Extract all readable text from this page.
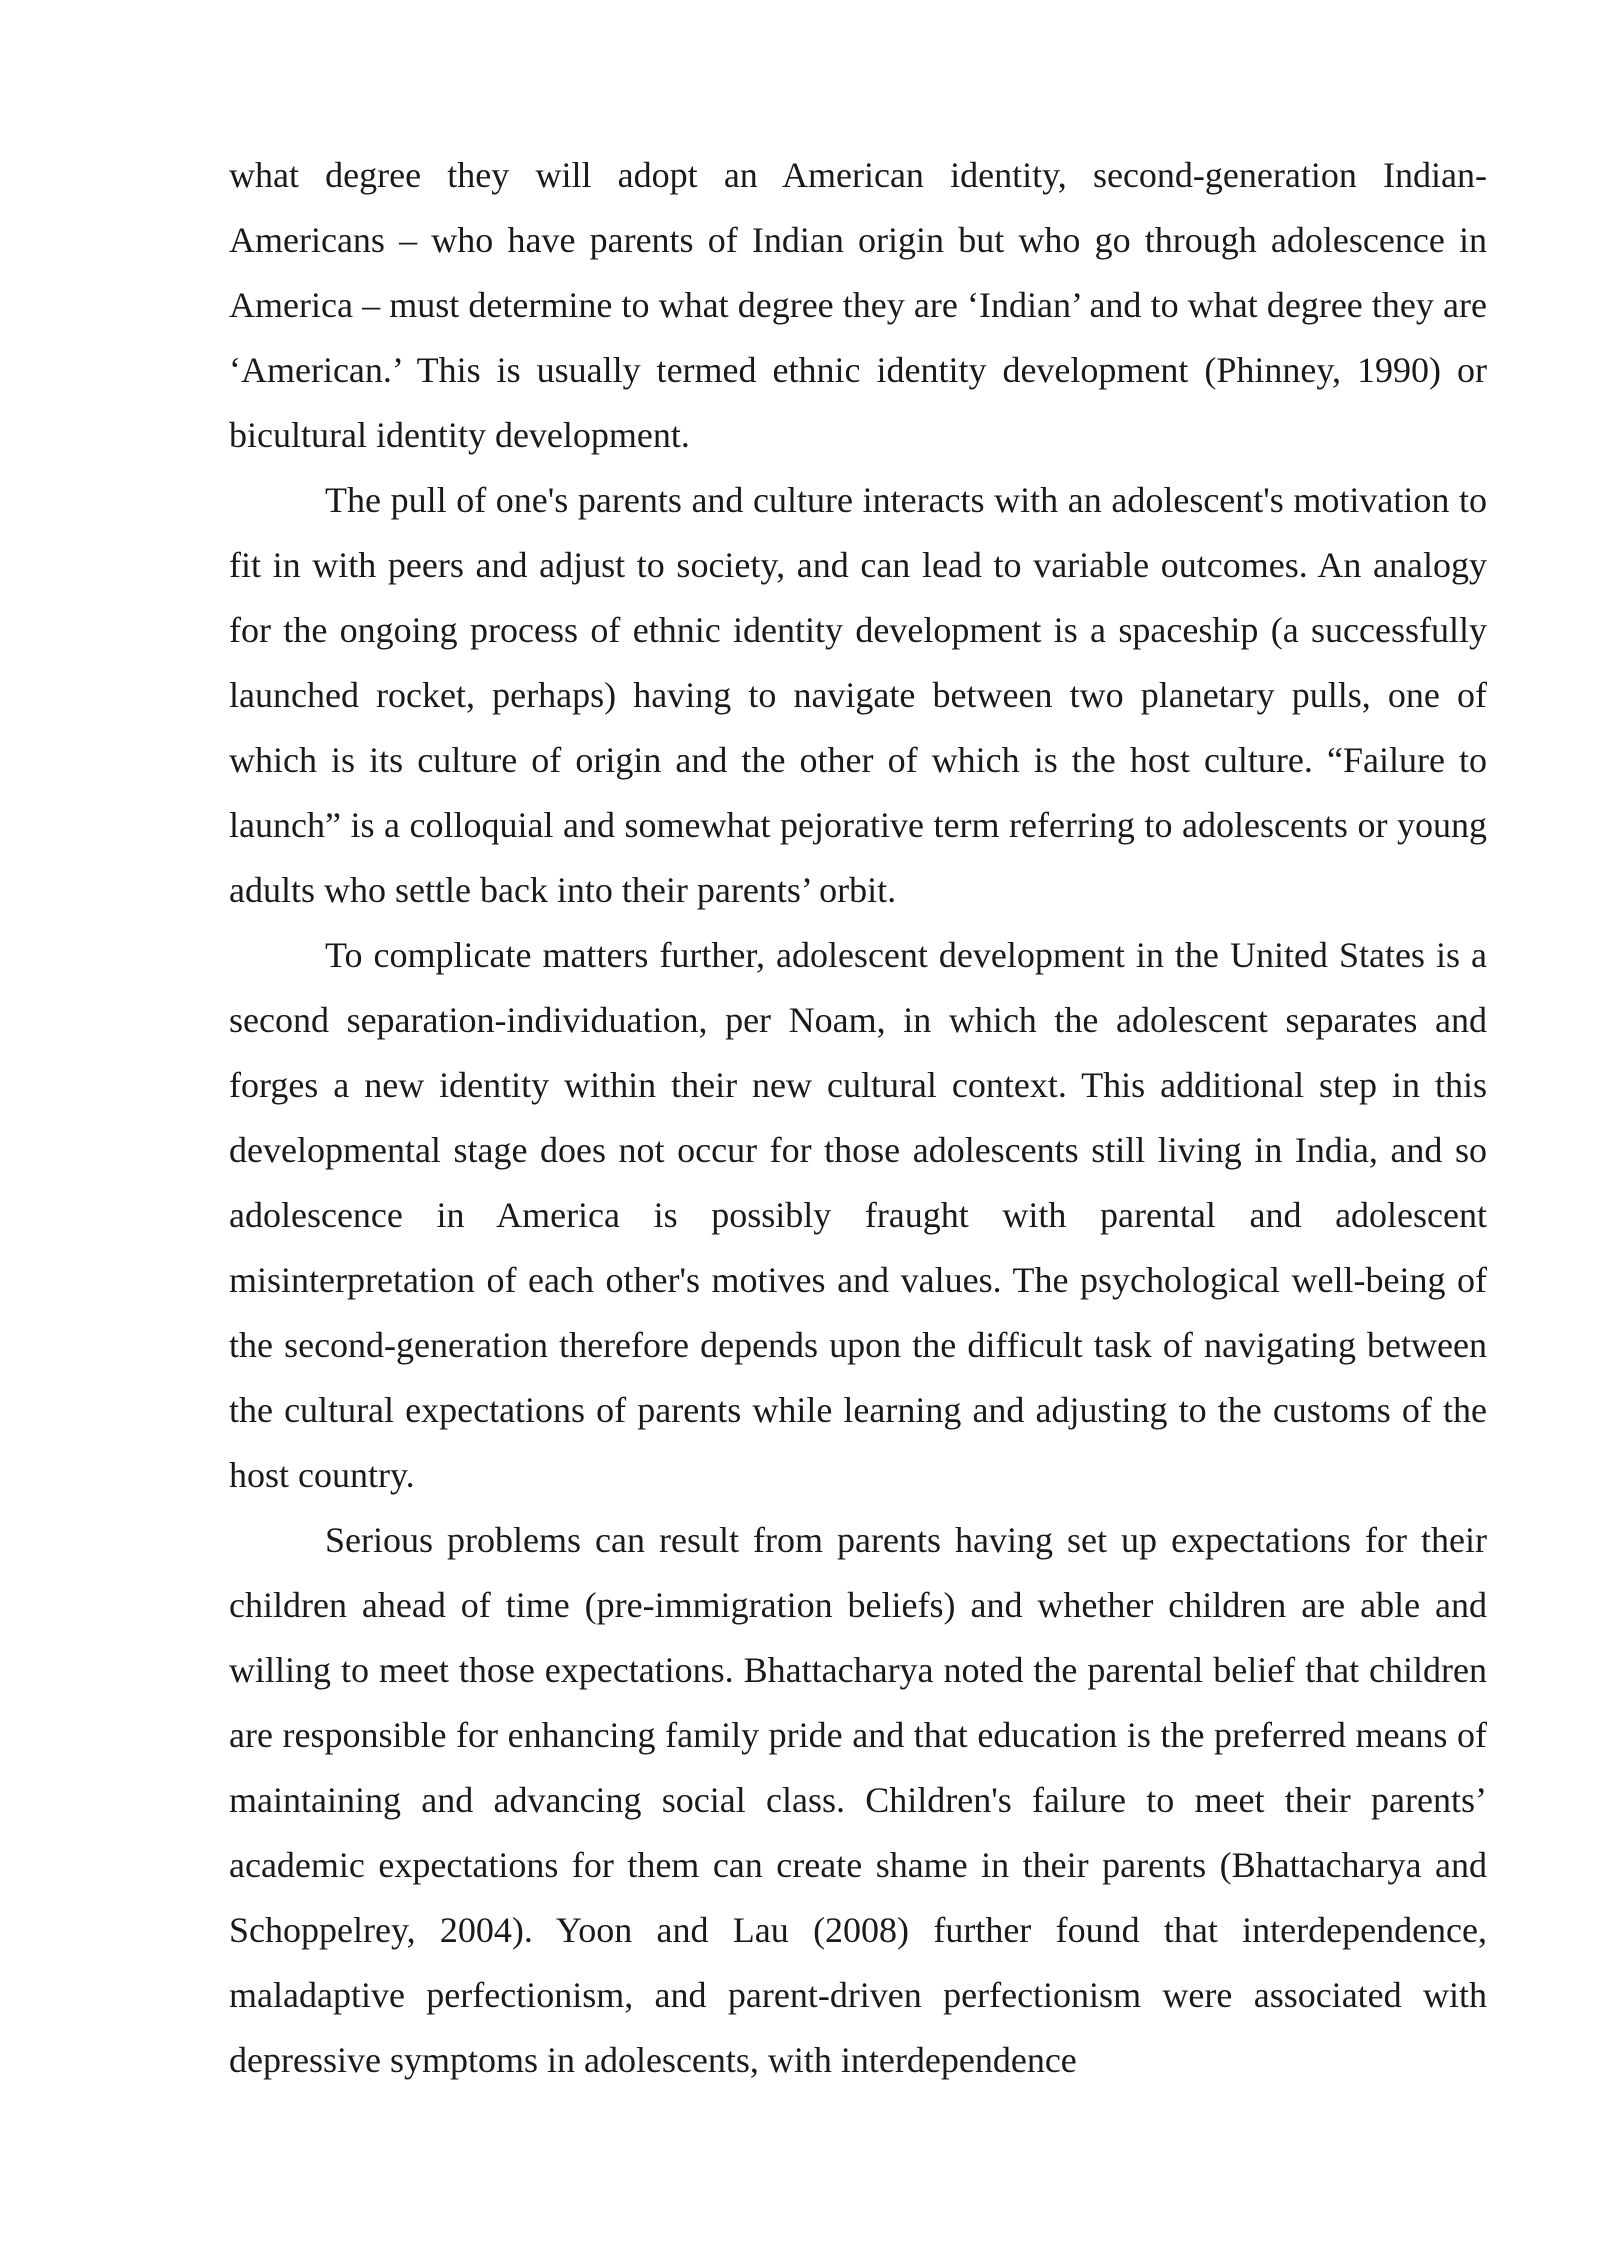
what degree they will adopt an American identity, second-generation Indian-Americans – who have parents of Indian origin but who go through adolescence in America – must determine to what degree they are ‘Indian’ and to what degree they are ‘American.’ This is usually termed ethnic identity development (Phinney, 1990) or bicultural identity development.

The pull of one's parents and culture interacts with an adolescent's motivation to fit in with peers and adjust to society, and can lead to variable outcomes. An analogy for the ongoing process of ethnic identity development is a spaceship (a successfully launched rocket, perhaps) having to navigate between two planetary pulls, one of which is its culture of origin and the other of which is the host culture. “Failure to launch” is a colloquial and somewhat pejorative term referring to adolescents or young adults who settle back into their parents’ orbit.

To complicate matters further, adolescent development in the United States is a second separation-individuation, per Noam, in which the adolescent separates and forges a new identity within their new cultural context. This additional step in this developmental stage does not occur for those adolescents still living in India, and so adolescence in America is possibly fraught with parental and adolescent misinterpretation of each other's motives and values. The psychological well-being of the second-generation therefore depends upon the difficult task of navigating between the cultural expectations of parents while learning and adjusting to the customs of the host country.

Serious problems can result from parents having set up expectations for their children ahead of time (pre-immigration beliefs) and whether children are able and willing to meet those expectations. Bhattacharya noted the parental belief that children are responsible for enhancing family pride and that education is the preferred means of maintaining and advancing social class. Children's failure to meet their parents’ academic expectations for them can create shame in their parents (Bhattacharya and Schoppelrey, 2004). Yoon and Lau (2008) further found that interdependence, maladaptive perfectionism, and parent-driven perfectionism were associated with depressive symptoms in adolescents, with interdependence
